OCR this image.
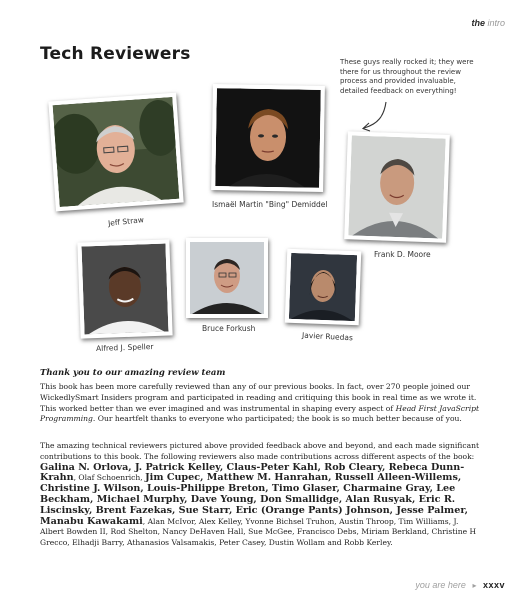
the intro
Tech Reviewers	These guys really rocked it; they were there for us throughout the review process and provided invaluable, detailed feedback on everything!
Jeff Straw
Ismaël Martin "Bing" Demiddel
Frank D. Moore
Alfred J. Speller
Bruce Forkush
Javier Ruedas
Thank you to our amazing review team

This book has been more carefully reviewed than any of our previous books. In fact, over 270 people joined our WickedlySmart Insiders program and participated in reading and critiquing this book in real time as we wrote it. This worked better than we ever imagined and was instrumental in shaping every aspect of Head First JavaScript Programming. Our heartfelt thanks to everyone who participated; the book is so much better because of you.

The amazing technical reviewers pictured above provided feedback above and beyond, and each made significant contributions to this book. The following reviewers also made contributions across different aspects of the book: Galina N. Orlova, J. Patrick Kelley, Claus-Peter Kahl, Rob Cleary, Rebeca Dunn-Krahn, Olaf Schoenrich, Jim Cupec, Matthew M. Hanrahan, Russell Alleen-Willems, Christine J. Wilson, Louis-Philippe Breton, Timo Glaser, Charmaine Gray, Lee Beckham, Michael Murphy, Dave Young, Don Smallidge, Alan Rusyak, Eric R. Liscinsky, Brent Fazekas, Sue Starr, Eric (Orange Pants) Johnson, Jesse Palmer, Manabu Kawakami, Alan McIvor, Alex Kelley, Yvonne Bichsel Truhon, Austin Throop, Tim Williams, J. Albert Bowden II, Rod Shelton, Nancy DeHaven Hall, Sue McGee, Francisco Debs, Miriam Berkland, Christine H Grecco, Elhadji Barry, Athanasios Valsamakis, Peter Casey, Dustin Wollam and Robb Kerley.

you are here ▸ xxxv
